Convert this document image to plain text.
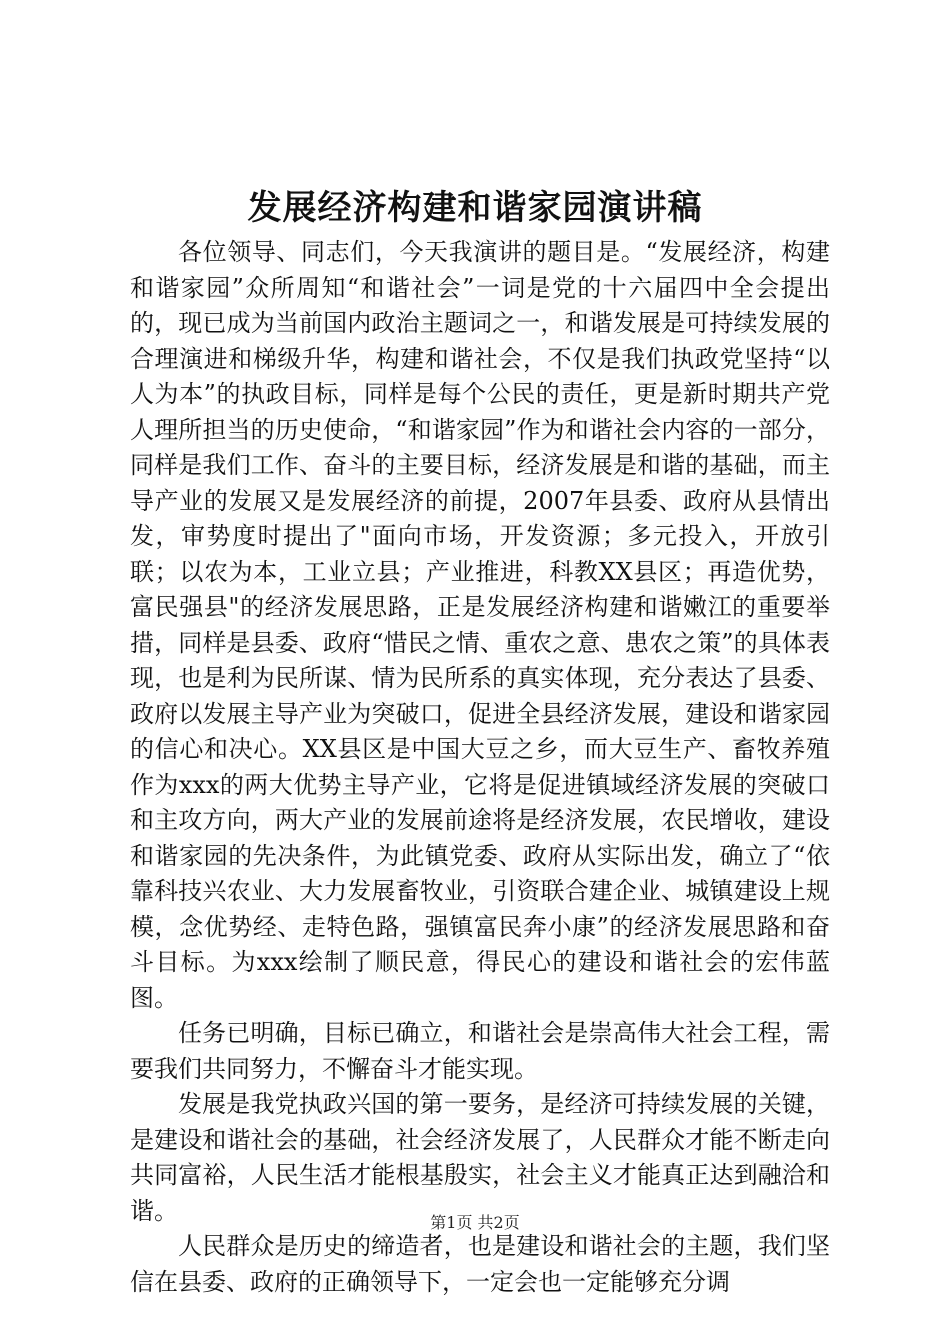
发展经济构建和谐家园演讲稿

各位领导、同志们，今天我演讲的题目是。“发展经济，构建和谐家园”众所周知“和谐社会”一词是党的十六届四中全会提出的，现已成为当前国内政治主题词之一，和谐发展是可持续发展的合理演进和梯级升华，构建和谐社会，不仅是我们执政党坚持“以人为本”的执政目标，同样是每个公民的责任，更是新时期共产党人理所担当的历史使命，“和谐家园”作为和谐社会内容的一部分，同样是我们工作、奋斗的主要目标，经济发展是和谐的基础，而主导产业的发展又是发展经济的前提，2007年县委、政府从县情出发，审势度时提出了"面向市场，开发资源；多元投入，开放引联；以农为本，工业立县；产业推进，科教XX县区；再造优势，富民强县"的经济发展思路，正是发展经济构建和谐嫩江的重要举措，同样是县委、政府“惜民之情、重农之意、患农之策”的具体表现，也是利为民所谋、情为民所系的真实体现，充分表达了县委、政府以发展主导产业为突破口，促进全县经济发展，建设和谐家园的信心和决心。XX县区是中国大豆之乡，而大豆生产、畜牧养殖作为xxx的两大优势主导产业，它将是促进镇域经济发展的突破口和主攻方向，两大产业的发展前途将是经济发展，农民增收，建设和谐家园的先决条件，为此镇党委、政府从实际出发，确立了“依靠科技兴农业、大力发展畜牧业，引资联合建企业、城镇建设上规模，念优势经、走特色路，强镇富民奔小康”的经济发展思路和奋斗目标。为xxx绘制了顺民意，得民心的建设和谐社会的宏伟蓝图。

任务已明确，目标已确立，和谐社会是崇高伟大社会工程，需要我们共同努力，不懈奋斗才能实现。

发展是我党执政兴国的第一要务，是经济可持续发展的关键，是建设和谐社会的基础，社会经济发展了，人民群众才能不断走向共同富裕，人民生活才能根基殷实，社会主义才能真正达到融洽和谐。

人民群众是历史的缔造者，也是建设和谐社会的主题，我们坚信在县委、政府的正确领导下，一定会也一定能够充分调

第1页 共2页
